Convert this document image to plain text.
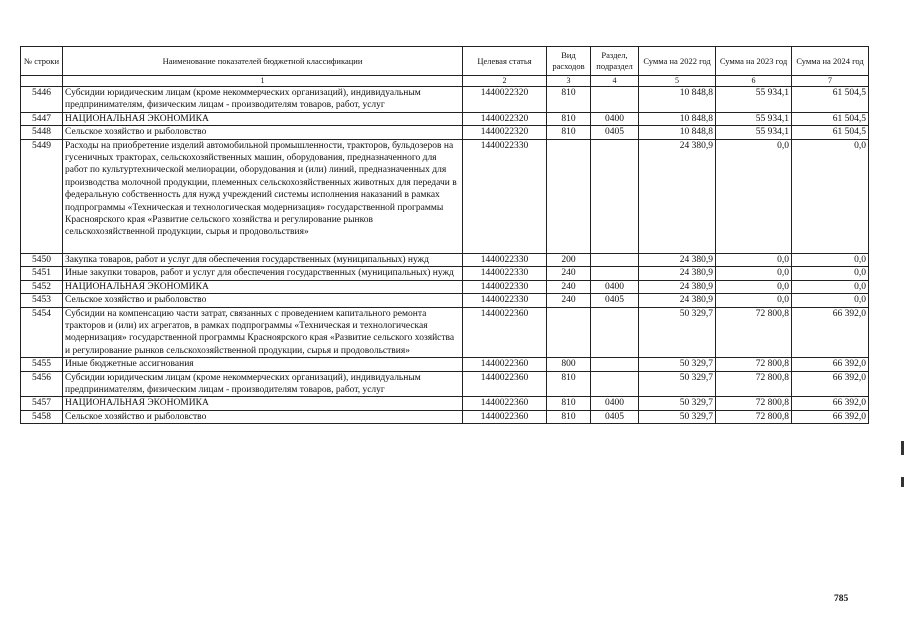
№ строки	Наименование показателей бюджетной классификации	Целевая статья	Вид расходов	Раздел, подраздел	Сумма на 2022 год	Сумма на 2023 год	Сумма на 2024 год
	1	2	3	4	5	6	7
5446	Субсидии юридическим лицам (кроме некоммерческих организаций), индивидуальным предпринимателям, физическим лицам - производителям товаров, работ, услуг	1440022320	810		10 848,8	55 934,1	61 504,5
5447	НАЦИОНАЛЬНАЯ ЭКОНОМИКА	1440022320	810	0400	10 848,8	55 934,1	61 504,5
5448	Сельское хозяйство и рыболовство	1440022320	810	0405	10 848,8	55 934,1	61 504,5
5449	Расходы на приобретение изделий автомобильной промышленности, тракторов, бульдозеров на гусеничных тракторах, сельскохозяйственных машин, оборудования, предназначенного для работ по культуртехнической мелиорации, оборудования и (или) линий, предназначенных для производства молочной продукции, племенных сельскохозяйственных животных для передачи в федеральную собственность для нужд учреждений системы исполнения наказаний в рамках подпрограммы «Техническая и технологическая модернизация» государственной программы Красноярского края «Развитие сельского хозяйства и регулирование рынков сельскохозяйственной продукции, сырья и продовольствия»	1440022330			24 380,9	0,0	0,0
5450	Закупка товаров, работ и услуг для обеспечения государственных (муниципальных) нужд	1440022330	200		24 380,9	0,0	0,0
5451	Иные закупки товаров, работ и услуг для обеспечения государственных (муниципальных) нужд	1440022330	240		24 380,9	0,0	0,0
5452	НАЦИОНАЛЬНАЯ ЭКОНОМИКА	1440022330	240	0400	24 380,9	0,0	0,0
5453	Сельское хозяйство и рыболовство	1440022330	240	0405	24 380,9	0,0	0,0
5454	Субсидии на компенсацию части затрат, связанных с проведением капитального ремонта тракторов и (или) их агрегатов, в рамках подпрограммы «Техническая и технологическая модернизация» государственной программы Красноярского края «Развитие сельского хозяйства и регулирование рынков сельскохозяйственной продукции, сырья и продовольствия»	1440022360			50 329,7	72 800,8	66 392,0
5455	Иные бюджетные ассигнования	1440022360	800		50 329,7	72 800,8	66 392,0
5456	Субсидии юридическим лицам (кроме некоммерческих организаций), индивидуальным предпринимателям, физическим лицам - производителям товаров, работ, услуг	1440022360	810		50 329,7	72 800,8	66 392,0
5457	НАЦИОНАЛЬНАЯ ЭКОНОМИКА	1440022360	810	0400	50 329,7	72 800,8	66 392,0
5458	Сельское хозяйство и рыболовство	1440022360	810	0405	50 329,7	72 800,8	66 392,0
785
